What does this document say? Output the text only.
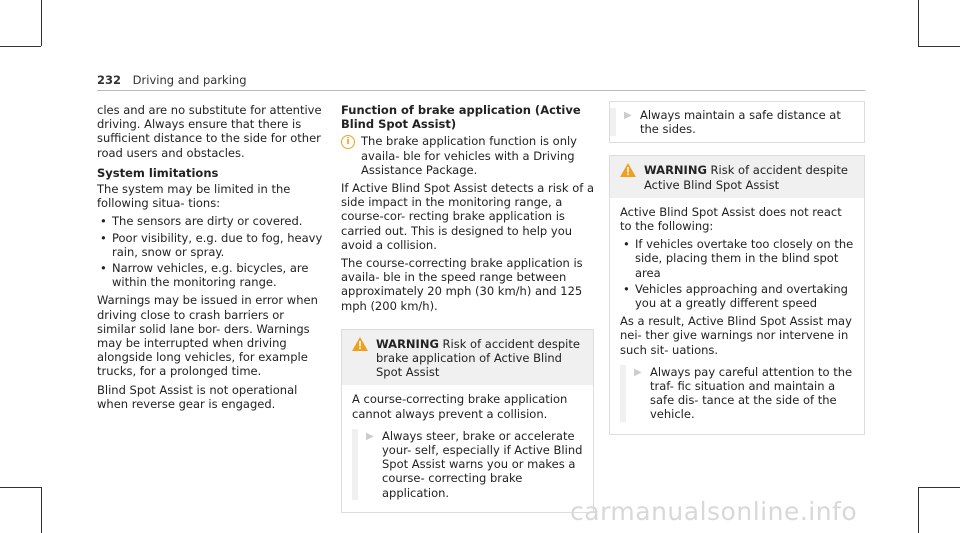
232 Driving and parking

cles and are no substitute for attentive driving. Always ensure that there is sufficient distance to the side for other road users and obstacles.

System limitations

The system may be limited in the following situa- tions:

• The sensors are dirty or covered.
• Poor visibility, e.g. due to fog, heavy rain, snow or spray.
• Narrow vehicles, e.g. bicycles, are within the monitoring range.

Warnings may be issued in error when driving close to crash barriers or similar solid lane bor- ders. Warnings may be interrupted when driving alongside long vehicles, for example trucks, for a prolonged time.

Blind Spot Assist is not operational when reverse gear is engaged.

Function of brake application (Active Blind Spot Assist)

i The brake application function is only availa- ble for vehicles with a Driving Assistance Package.

If Active Blind Spot Assist detects a risk of a side impact in the monitoring range, a course-cor- recting brake application is carried out. This is designed to help you avoid a collision.

The course-correcting brake application is availa- ble in the speed range between approximately 20 mph (30 km/h) and 125 mph (200 km/h).

WARNING Risk of accident despite brake application of Active Blind Spot Assist

A course-correcting brake application cannot always prevent a collision.

▶ Always steer, brake or accelerate your- self, especially if Active Blind Spot Assist warns you or makes a course- correcting brake application.
▶ Always maintain a safe distance at the sides.
WARNING Risk of accident despite Active Blind Spot Assist

Active Blind Spot Assist does not react to the following:

• If vehicles overtake too closely on the side, placing them in the blind spot area
• Vehicles approaching and overtaking you at a greatly different speed

As a result, Active Blind Spot Assist may nei- ther give warnings nor intervene in such sit- uations.

▶ Always pay careful attention to the traf- fic situation and maintain a safe dis- tance at the side of the vehicle.
carmanualsonline.info
